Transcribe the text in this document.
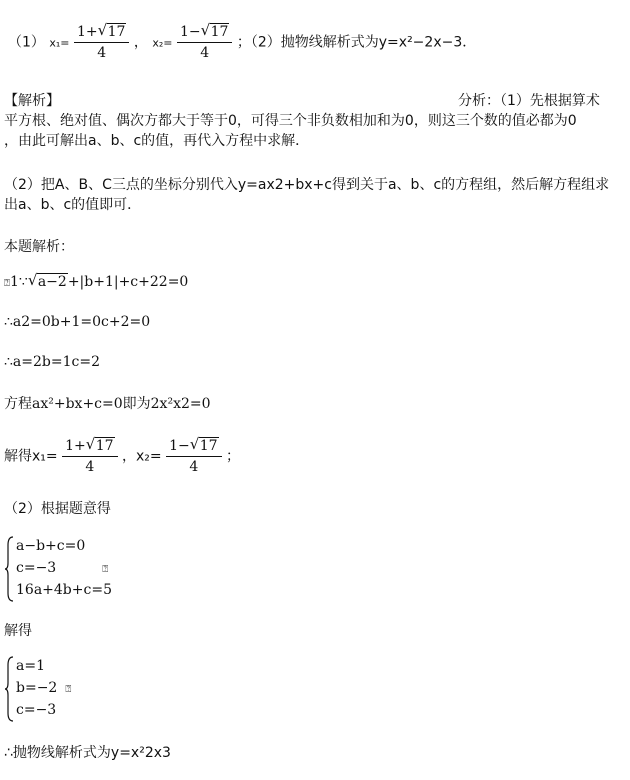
（1） $x_1= \frac{1+ √ 17}{4}$ ， $x_2= \frac{1- √ 17}{4}$ ；（2）抛物线解析式为y=x²−2x−3．
【解析】	分析：（1）先根据算术
平方根、绝对值、偶次方都大于等于0，可得三个非负数相加和为0，则这三个数的值必都为0
，由此可解出a、b、c的值，再代入方程中求解．
（2）把A、B、C三点的坐标分别代入y=ax2+bx+c得到关于a、b、c的方程组，然后解方程组求
出a、b、c的值即可．
本题解析：
⍰1∵ √ a−2+|b+1|+c+22=0
∴a2=0b+1=0c+2=0
∴a=2b=1c=2
方程ax²+bx+c=0即为2x²x2=0
解得$x_1= \frac{1+ √ 17}{4}$ ，$x_2= \frac{1- √ 17}{4}$ ；
（2）根据题意得
a−b+c=0
c=−3	⍰
16a+4b+c=5
解得
a=1
b=−2 ⍰
c=−3
∴抛物线解析式为y=x²2x3
